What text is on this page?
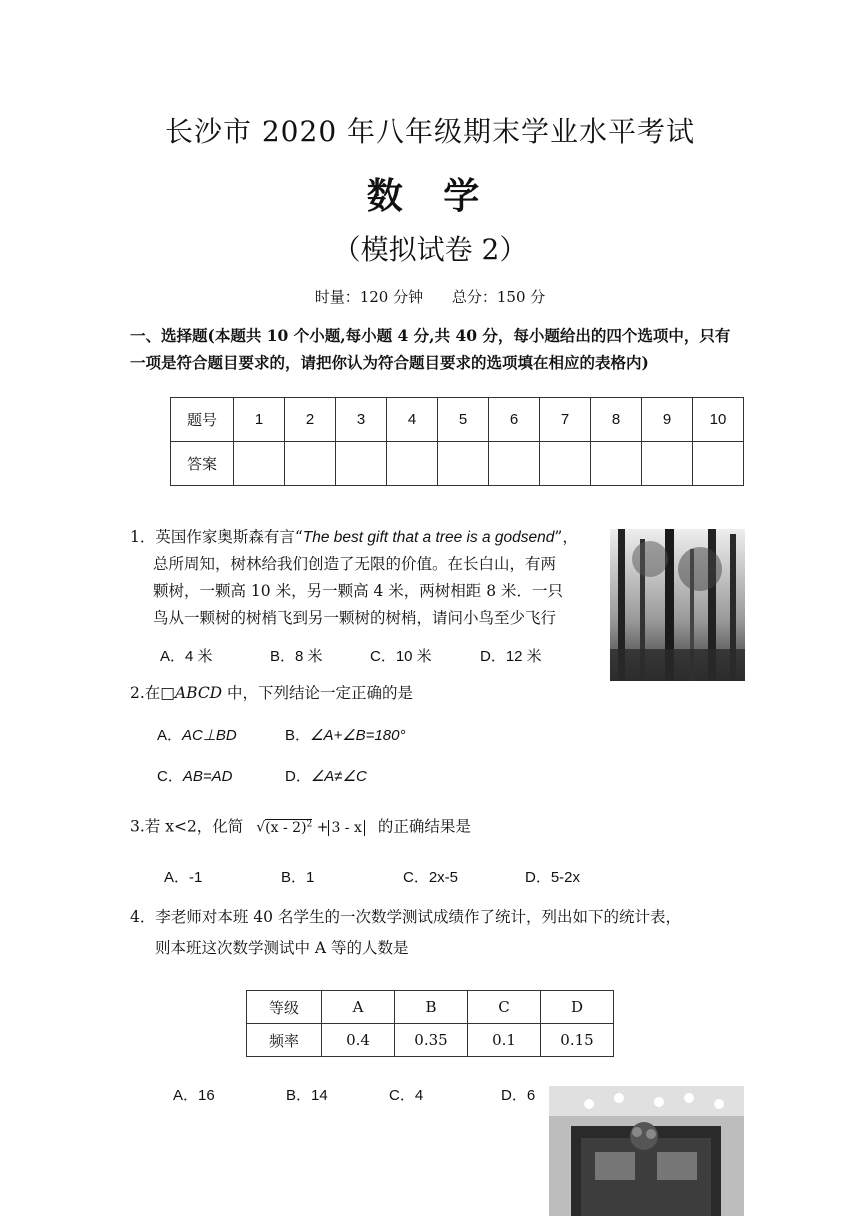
长沙市 2020 年八年级期末学业水平考试
数 学
（模拟试卷 2）
时量：120 分钟 总分：150 分
一、选择题(本题共 10 个小题,每小题 4 分,共 40 分，每小题给出的四个选项中，只有一项是符合题目要求的，请把你认为符合题目要求的选项填在相应的表格内)
题号	1	2	3	4	5	6	7	8	9	10
答案										
1．英国作家奥斯森有言“The best gift that a tree is a godsend”，
总所周知，树林给我们创造了无限的价值。在长白山，有两
颗树，一颗高 10 米，另一颗高 4 米，两树相距 8 米．一只
鸟从一颗树的树梢飞到另一颗树的树梢，请问小鸟至少飞行
A．4 米	B．8 米	C．10 米	D．12 米
2.在□ABCD 中，下列结论一定正确的是
A．AC⊥BD	B．∠A+∠B=180°
C．AB=AD	D．∠A≠∠C
3.若 x<2，化简 √(x - 2)$^2$ + 3 - x 的正确结果是
A．-1	B．1	C．2x-5	D．5-2x
4．李老师对本班 40 名学生的一次数学测试成绩作了统计，列出如下的统计表，
则本班这次数学测试中 A 等的人数是
等级	A	B	C	D
频率	0.4	0.35	0.1	0.15
A．16	B．14	C．4	D．6
